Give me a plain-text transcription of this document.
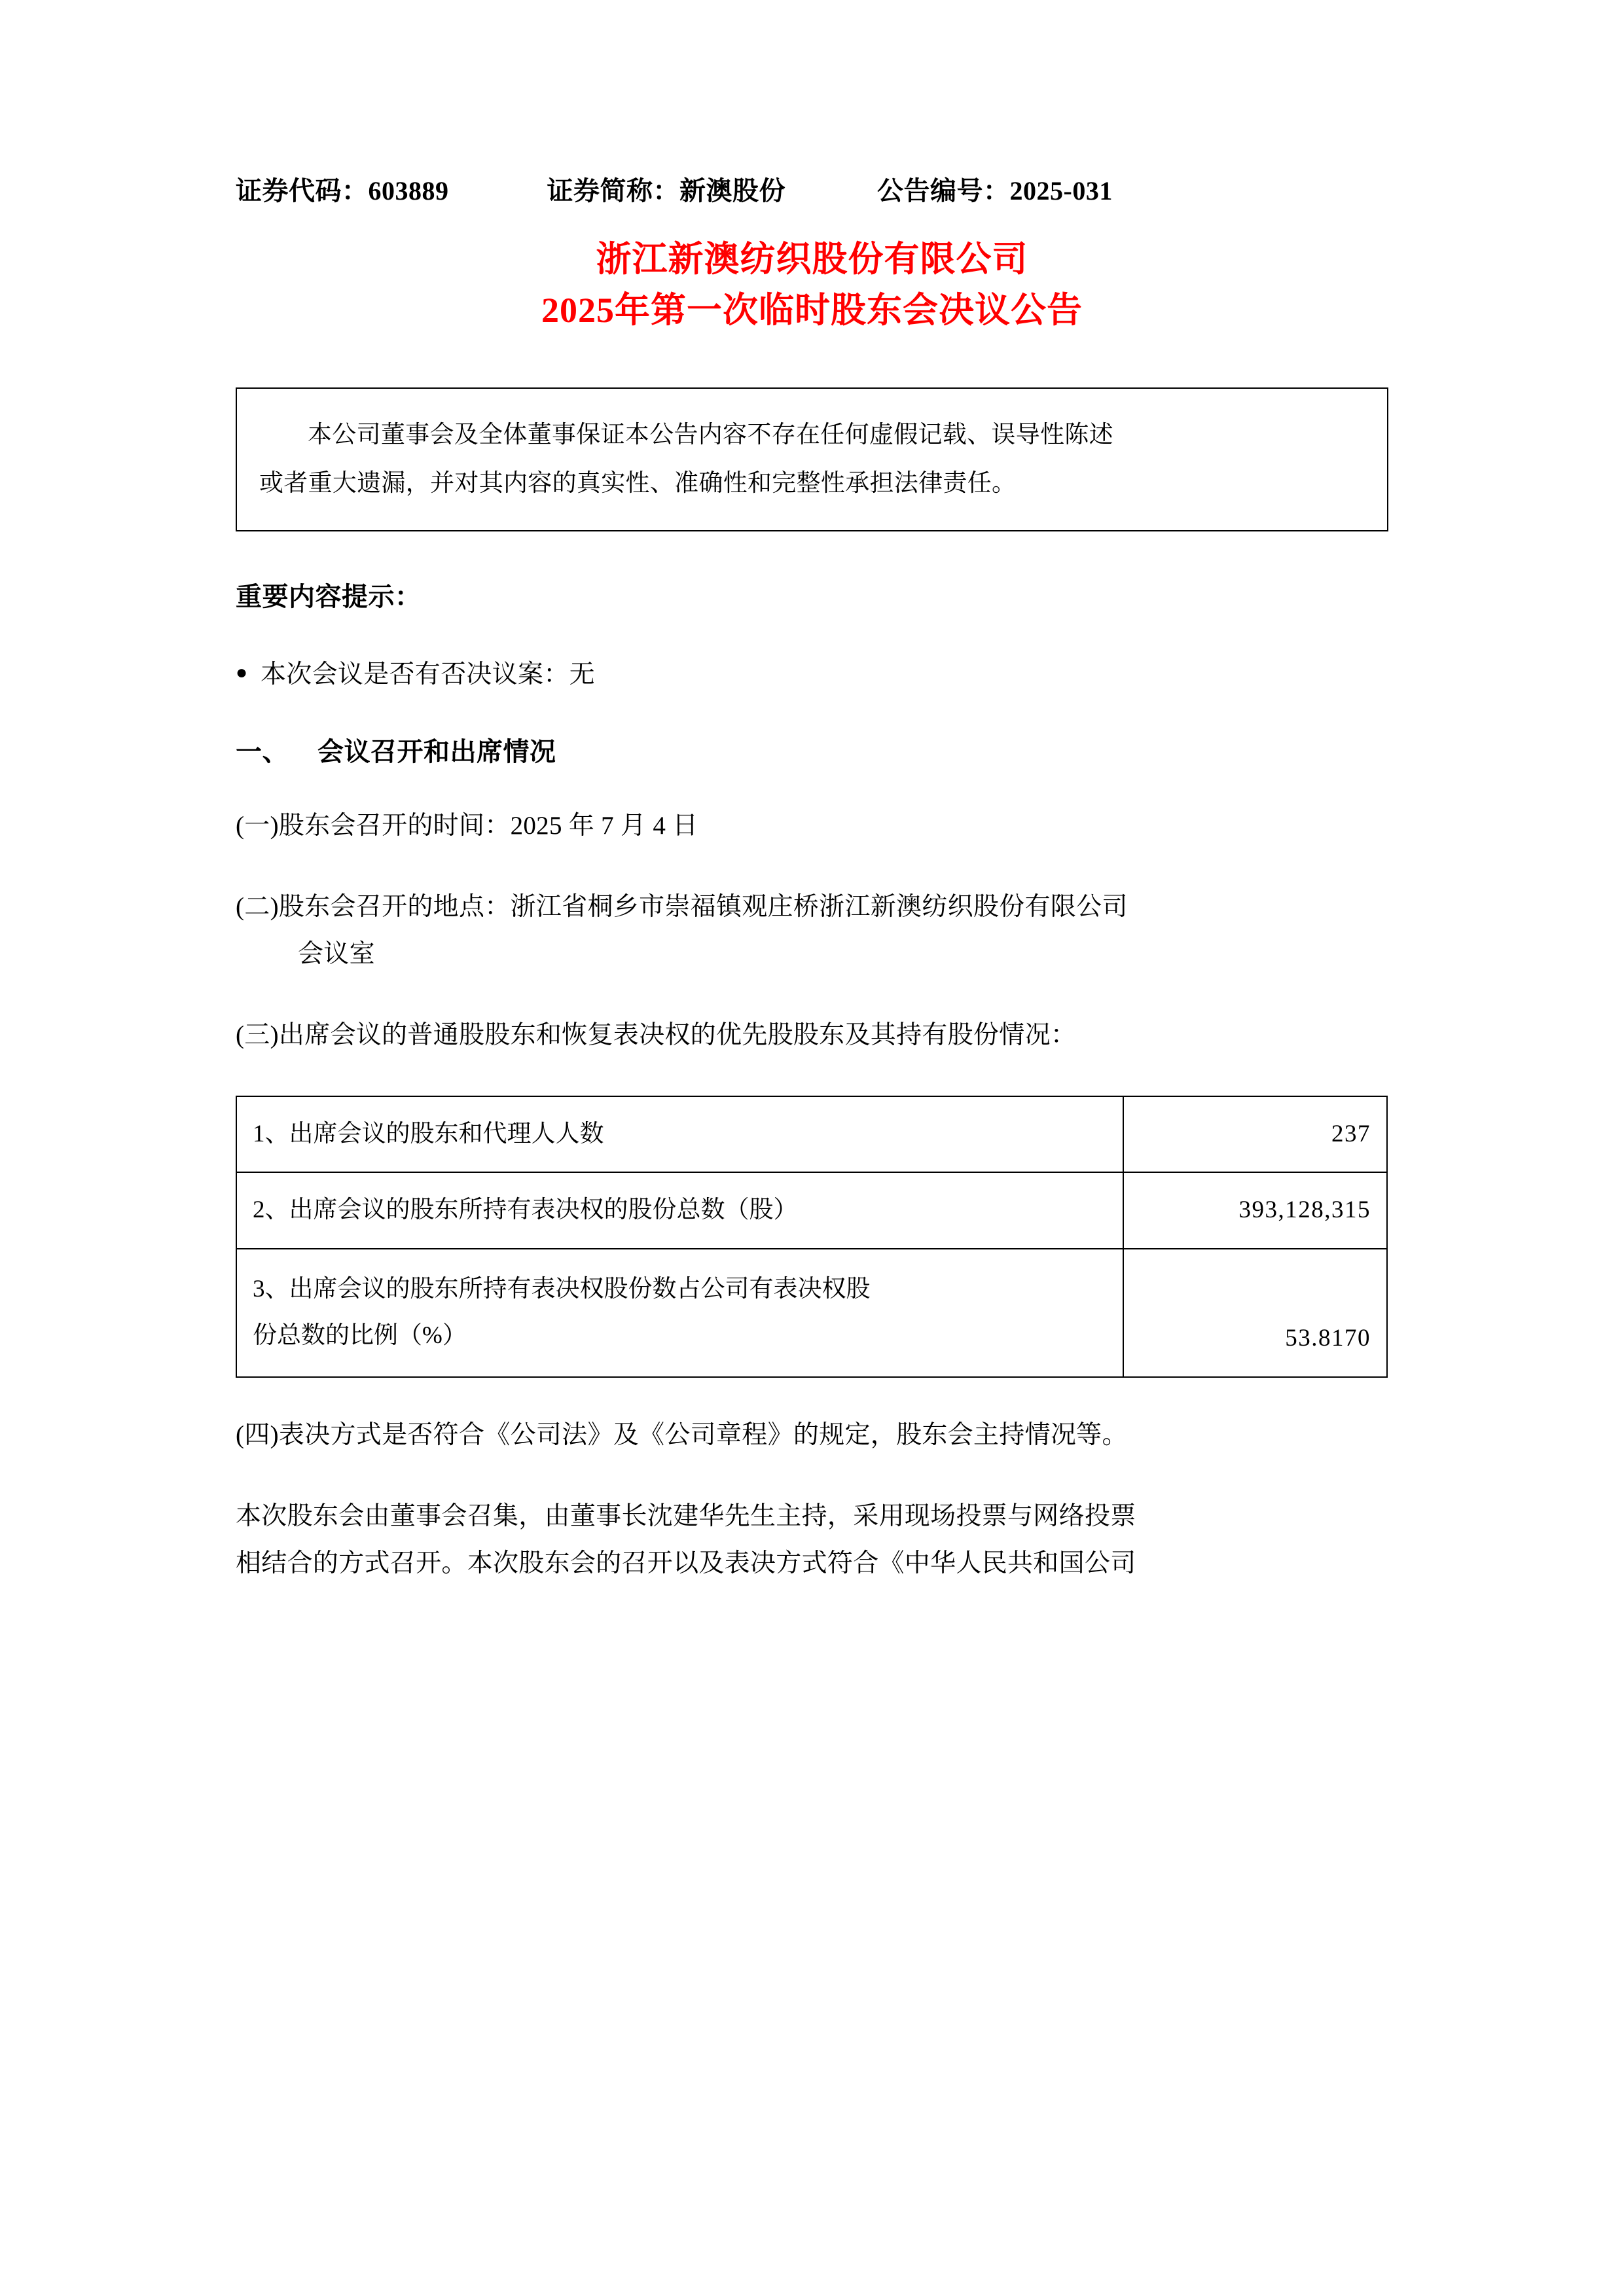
证券代码：603889	证券简称：新澳股份	公告编号：2025-031
浙江新澳纺织股份有限公司
2025年第一次临时股东会决议公告

本公司董事会及全体董事保证本公告内容不存在任何虚假记载、误导性陈述

或者重大遗漏，并对其内容的真实性、准确性和完整性承担法律责任。

重要内容提示：
● 本次会议是否有否决议案：无
一、	会议召开和出席情况
(一)股东会召开的时间：2025 年 7 月 4 日
(二)股东会召开的地点：浙江省桐乡市崇福镇观庄桥浙江新澳纺织股份有限公司
会议室
(三)出席会议的普通股股东和恢复表决权的优先股股东及其持有股份情况：
1、出席会议的股东和代理人人数	237
2、出席会议的股东所持有表决权的股份总数（股）	393,128,315
3、出席会议的股东所持有表决权股份数占公司有表决权股
份总数的比例（%）	53.8170
(四)表决方式是否符合《公司法》及《公司章程》的规定，股东会主持情况等。
本次股东会由董事会召集，由董事长沈建华先生主持，采用现场投票与网络投票
相结合的方式召开。本次股东会的召开以及表决方式符合《中华人民共和国公司
